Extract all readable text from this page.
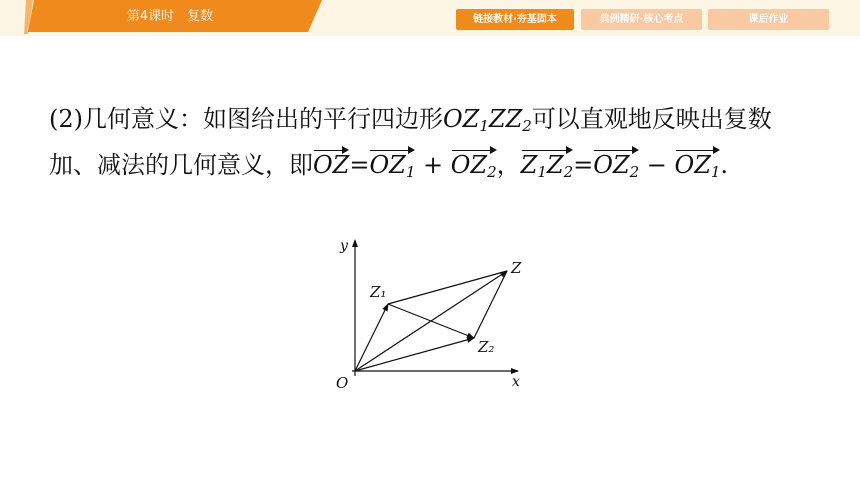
第4课时　复数	链接教材·夯基固本	典例精研·核心考点	课后作业
(2)几何意义：如图给出的平行四边形$OZ_1ZZ_2$可以直观地反映出复数
加、减法的几何意义，即$OZ=OZ_1 + OZ_2$，$Z_1Z_2=OZ_2 - OZ_1$.
O	x
y
Z
Z₁
Z₂
